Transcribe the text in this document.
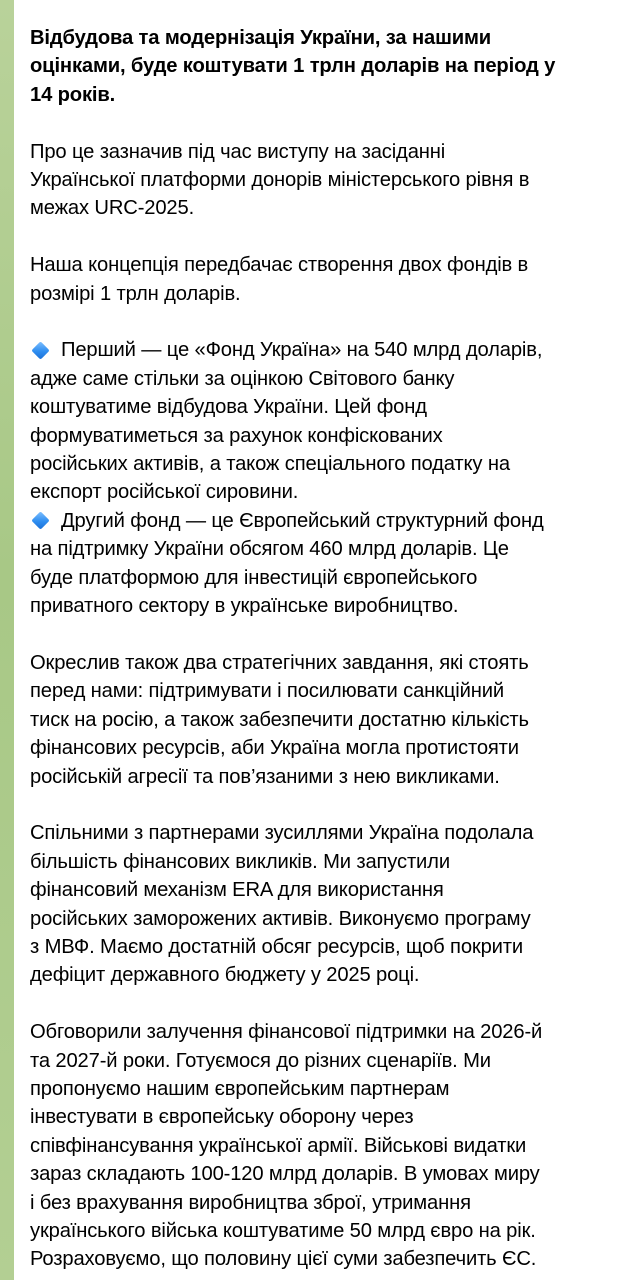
Відбудова та модернізація України, за нашими
оцінками, буде коштувати 1 трлн доларів на період у
14 років.
Про це зазначив під час виступу на засіданні
Української платформи донорів міністерського рівня в
межах URC-2025.
Наша концепція передбачає створення двох фондів в
розмірі 1 трлн доларів.
Перший — це «Фонд Україна» на 540 млрд доларів,
адже саме стільки за оцінкою Світового банку
коштуватиме відбудова України. Цей фонд
формуватиметься за рахунок конфіскованих
російських активів, а також спеціального податку на
експорт російської сировини.
Другий фонд — це Європейський структурний фонд
на підтримку України обсягом 460 млрд доларів. Це
буде платформою для інвестицій європейського
приватного сектору в українське виробництво.
Окреслив також два стратегічних завдання, які стоять
перед нами: підтримувати і посилювати санкційний
тиск на росію, а також забезпечити достатню кількість
фінансових ресурсів, аби Україна могла протистояти
російській агресії та пов’язаними з нею викликами.
Спільними з партнерами зусиллями Україна подолала
більшість фінансових викликів. Ми запустили
фінансовий механізм ERA для використання
російських заморожених активів. Виконуємо програму
з МВФ. Маємо достатній обсяг ресурсів, щоб покрити
дефіцит державного бюджету у 2025 році.
Обговорили залучення фінансової підтримки на 2026-й
та 2027-й роки. Готуємося до різних сценаріїв. Ми
пропонуємо нашим європейським партнерам
інвестувати в європейську оборону через
співфінансування української армії. Військові видатки
зараз складають 100-120 млрд доларів. В умовах миру
і без врахування виробництва зброї, утримання
українського війська коштуватиме 50 млрд євро на рік.
Розраховуємо, що половину цієї суми забезпечить ЄС.
